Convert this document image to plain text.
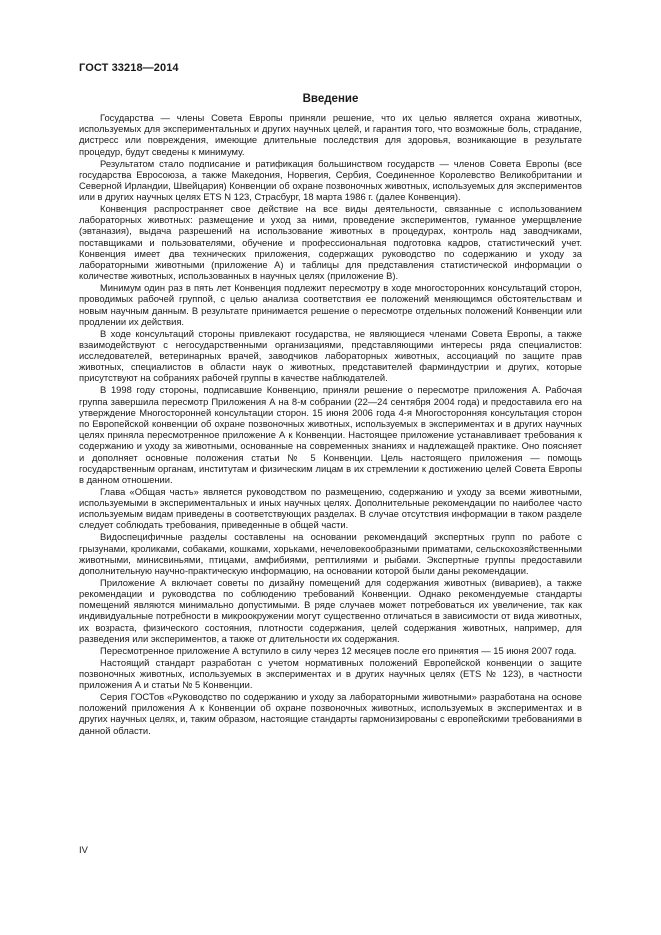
ГОСТ 33218—2014
Введение

Государства — члены Совета Европы приняли решение, что их целью является охрана животных, используемых для экспериментальных и других научных целей, и гарантия того, что возможные боль, страдание, дистресс или повреждения, имеющие длительные последствия для здоровья, возникающие в результате процедур, будут сведены к минимуму.

Результатом стало подписание и ратификация большинством государств — членов Совета Европы (все государства Евросоюза, а также Македония, Норвегия, Сербия, Соединенное Королевство Великобритании и Северной Ирландии, Швейцария) Конвенции об охране позвоночных животных, используемых для экспериментов или в других научных целях ETS N 123, Страсбург, 18 марта 1986 г. (далее Конвенция).

Конвенция распространяет свое действие на все виды деятельности, связанные с использованием лабораторных животных: размещение и уход за ними, проведение экспериментов, гуманное умерщвление (эвтаназия), выдача разрешений на использование животных в процедурах, контроль над заводчиками, поставщиками и пользователями, обучение и профессиональная подготовка кадров, статистический учет. Конвенция имеет два технических приложения, содержащих руководство по содержанию и уходу за лабораторными животными (приложение А) и таблицы для представления статистической информации о количестве животных, использованных в научных целях (приложение В).

Минимум один раз в пять лет Конвенция подлежит пересмотру в ходе многосторонних консультаций сторон, проводимых рабочей группой, с целью анализа соответствия ее положений меняющимся обстоятельствам и новым научным данным. В результате принимается решение о пересмотре отдельных положений Конвенции или продлении их действия.

В ходе консультаций стороны привлекают государства, не являющиеся членами Совета Европы, а также взаимодействуют с негосударственными организациями, представляющими интересы ряда специалистов: исследователей, ветеринарных врачей, заводчиков лабораторных животных, ассоциаций по защите прав животных, специалистов в области наук о животных, представителей фарминдустрии и других, которые присутствуют на собраниях рабочей группы в качестве наблюдателей.

В 1998 году стороны, подписавшие Конвенцию, приняли решение о пересмотре приложения А. Рабочая группа завершила пересмотр Приложения А на 8-м собрании (22—24 сентября 2004 года) и предоставила его на утверждение Многосторонней консультации сторон. 15 июня 2006 года 4-я Многосторонняя консультация сторон по Европейской конвенции об охране позвоночных животных, используемых в экспериментах и в других научных целях приняла пересмотренное приложение А к Конвенции. Настоящее приложение устанавливает требования к содержанию и уходу за животными, основанные на современных знаниях и надлежащей практике. Оно поясняет и дополняет основные положения статьи № 5 Конвенции. Цель настоящего приложения — помощь государственным органам, институтам и физическим лицам в их стремлении к достижению целей Совета Европы в данном отношении.

Глава «Общая часть» является руководством по размещению, содержанию и уходу за всеми животными, используемыми в экспериментальных и иных научных целях. Дополнительные рекомендации по наиболее часто используемым видам приведены в соответствующих разделах. В случае отсутствия информации в таком разделе следует соблюдать требования, приведенные в общей части.

Видоспецифичные разделы составлены на основании рекомендаций экспертных групп по работе с грызунами, кроликами, собаками, кошками, хорьками, нечеловекообразными приматами, сельскохозяйственными животными, минисвиньями, птицами, амфибиями, рептилиями и рыбами. Экспертные группы предоставили дополнительную научно-практическую информацию, на основании которой были даны рекомендации.

Приложение А включает советы по дизайну помещений для содержания животных (вивариев), а также рекомендации и руководства по соблюдению требований Конвенции. Однако рекомендуемые стандарты помещений являются минимально допустимыми. В ряде случаев может потребоваться их увеличение, так как индивидуальные потребности в микроокружении могут существенно отличаться в зависимости от вида животных, их возраста, физического состояния, плотности содержания, целей содержания животных, например, для разведения или экспериментов, а также от длительности их содержания.

Пересмотренное приложение А вступило в силу через 12 месяцев после его принятия — 15 июня 2007 года.

Настоящий стандарт разработан с учетом нормативных положений Европейской конвенции о защите позвоночных животных, используемых в экспериментах и в других научных целях (ETS № 123), в частности приложения А и статьи № 5 Конвенции.

Серия ГОСТов «Руководство по содержанию и уходу за лабораторными животными» разработана на основе положений приложения А к Конвенции об охране позвоночных животных, используемых в экспериментах и в других научных целях, и, таким образом, настоящие стандарты гармонизированы с европейскими требованиями в данной области.

IV
